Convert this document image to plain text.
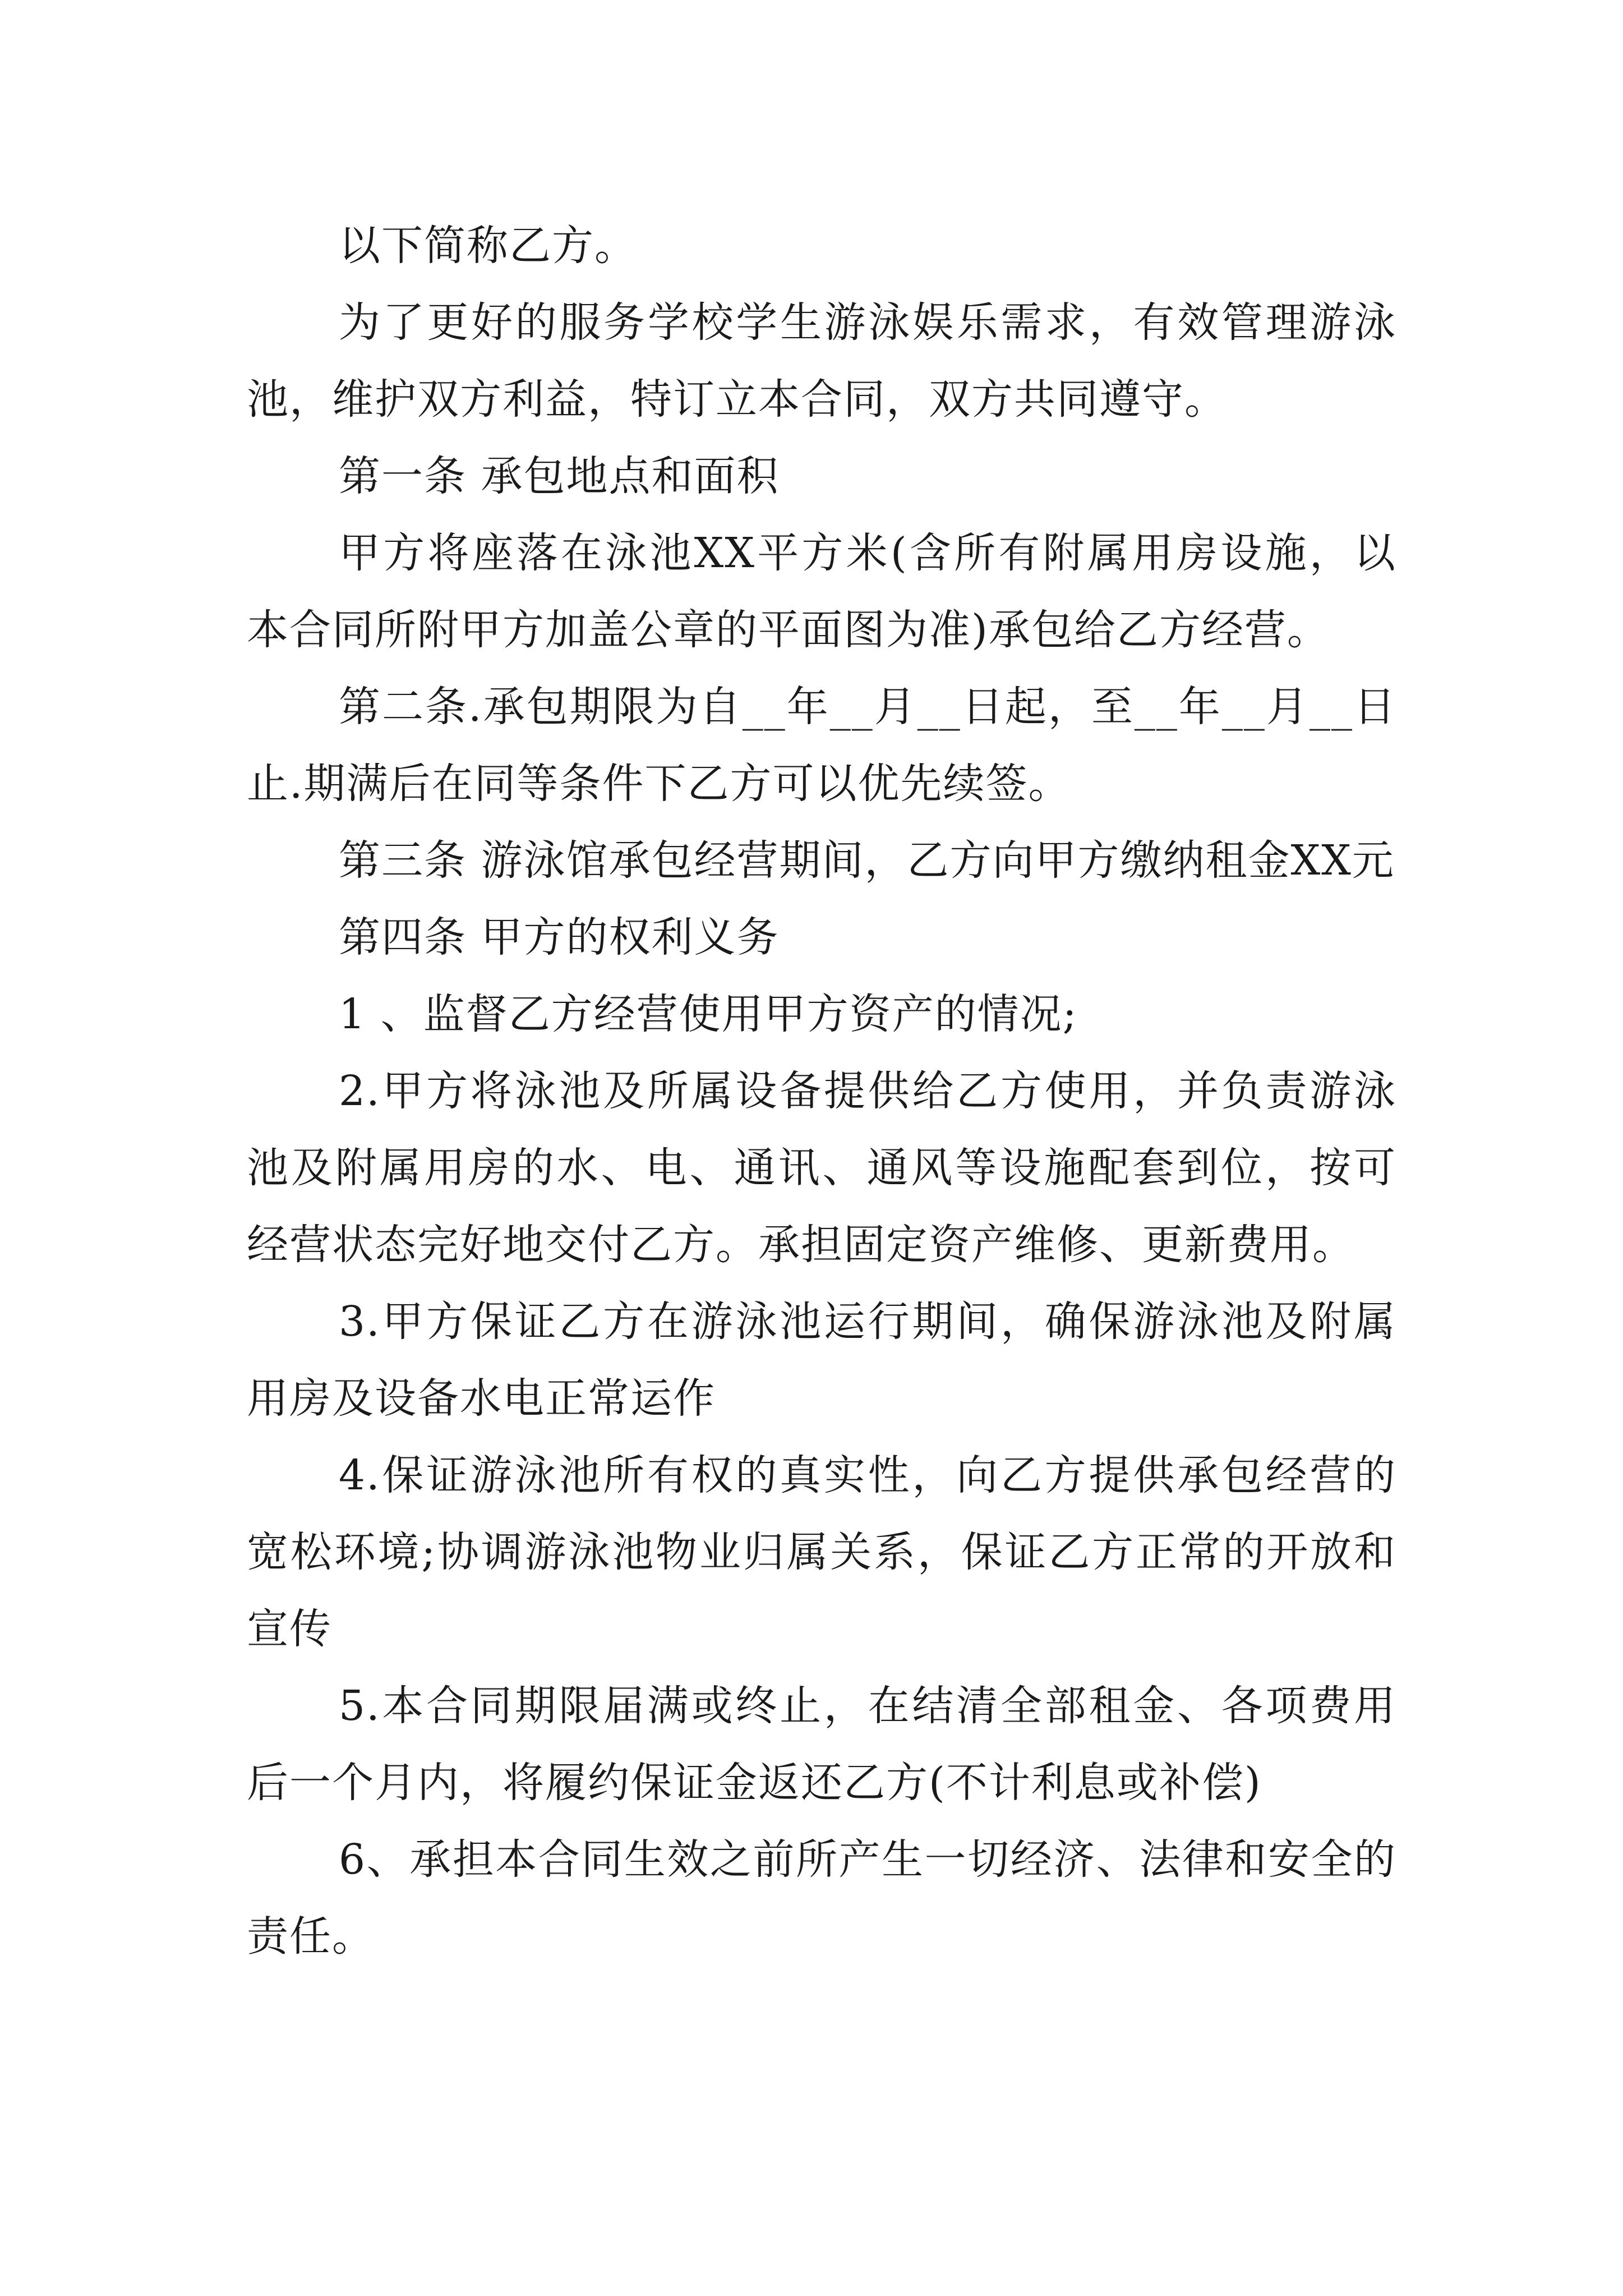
以下简称乙方。

为了更好的服务学校学生游泳娱乐需求，有效管理游泳池，维护双方利益，特订立本合同，双方共同遵守。

第一条 承包地点和面积

甲方将座落在泳池XX平方米(含所有附属用房设施，以本合同所附甲方加盖公章的平面图为准)承包给乙方经营。

第二条.承包期限为自__年__月__日起，至__年__月__日止.期满后在同等条件下乙方可以优先续签。

第三条 游泳馆承包经营期间，乙方向甲方缴纳租金XX元

第四条 甲方的权利义务

1 、监督乙方经营使用甲方资产的情况;

2.甲方将泳池及所属设备提供给乙方使用，并负责游泳池及附属用房的水、电、通讯、通风等设施配套到位，按可经营状态完好地交付乙方。承担固定资产维修、更新费用。

3.甲方保证乙方在游泳池运行期间，确保游泳池及附属用房及设备水电正常运作

4.保证游泳池所有权的真实性，向乙方提供承包经营的宽松环境;协调游泳池物业归属关系，保证乙方正常的开放和宣传

5.本合同期限届满或终止，在结清全部租金、各项费用后一个月内，将履约保证金返还乙方(不计利息或补偿)

6、承担本合同生效之前所产生一切经济、法律和安全的责任。
